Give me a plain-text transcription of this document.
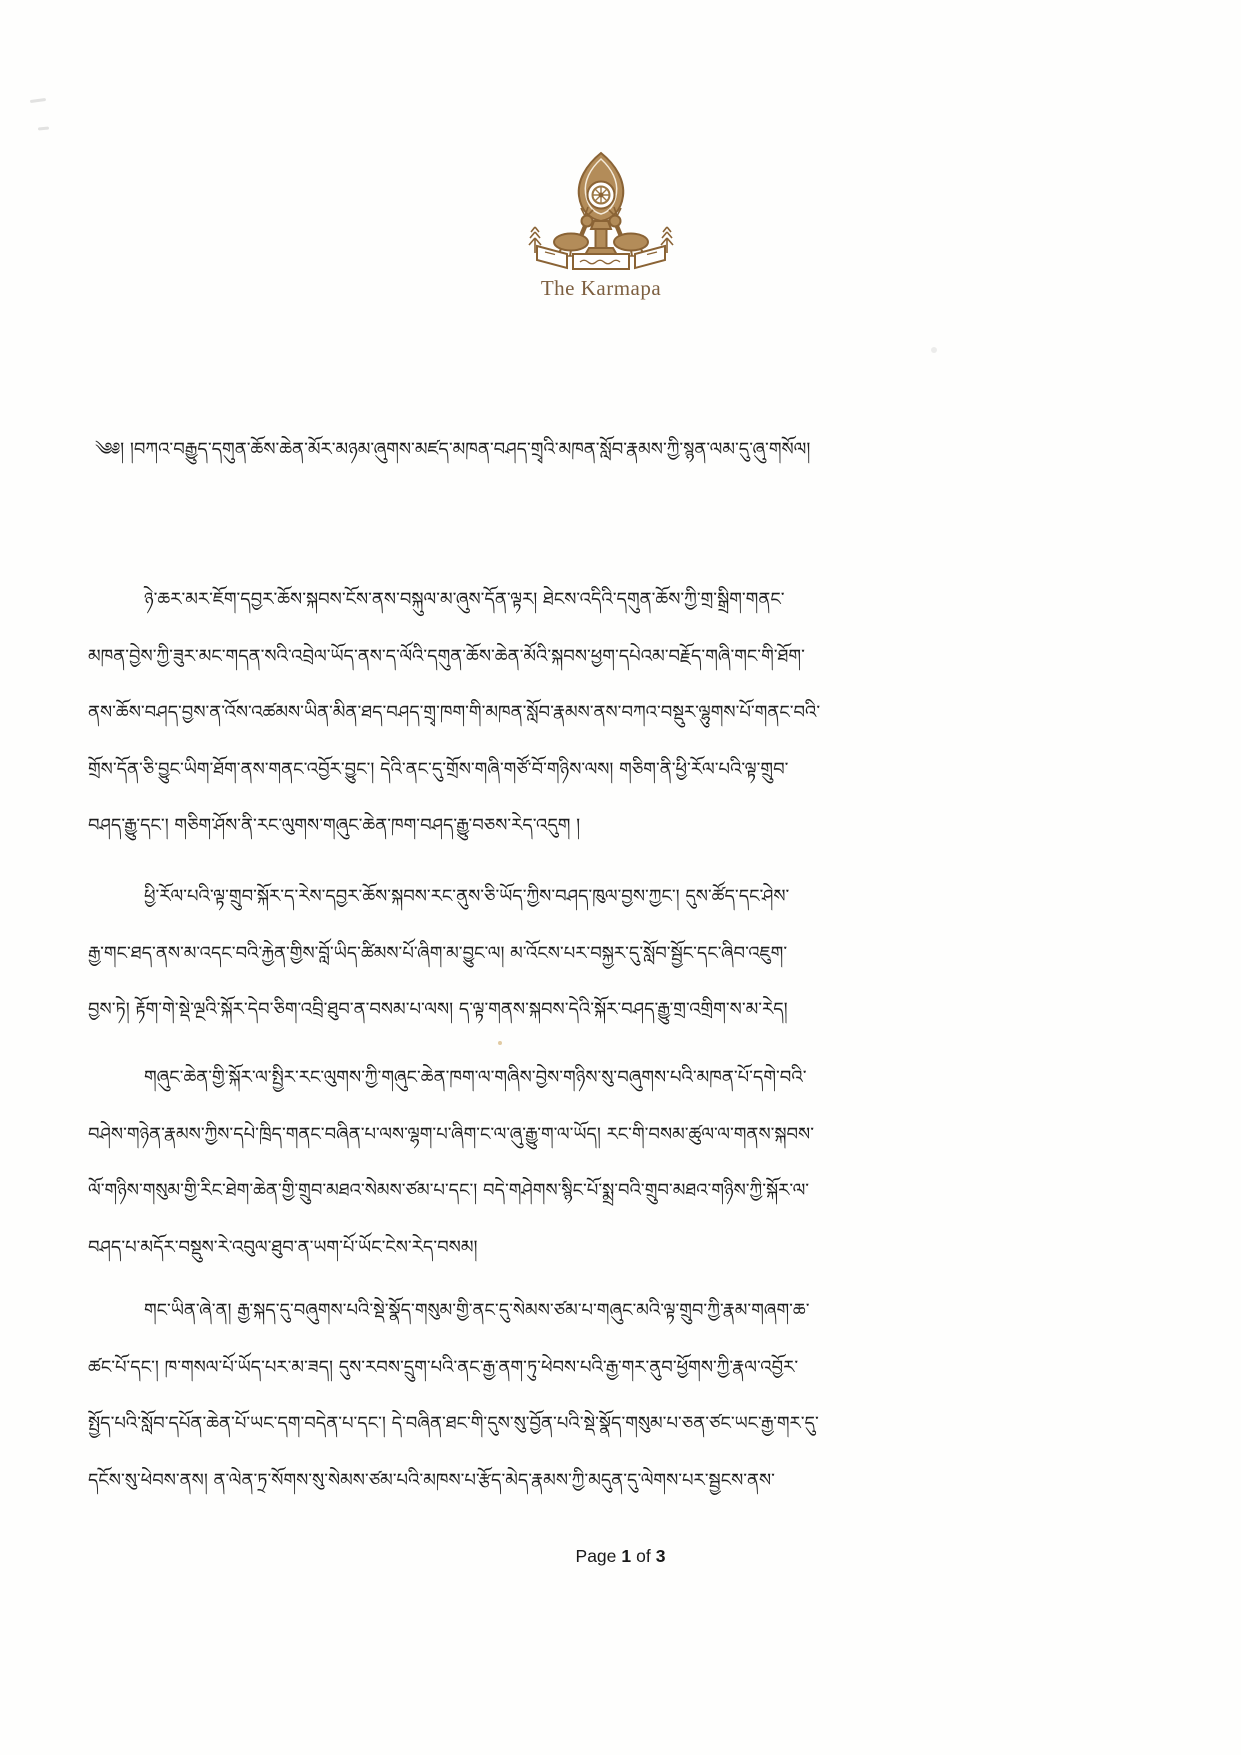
The Karmapa
༄༅། །བཀའ་བརྒྱུད་དགུན་ཆོས་ཆེན་མོར་མཉམ་ཞུགས་མཛད་མཁན་བཤད་གྲྭའི་མཁན་སློབ་རྣམས་ཀྱི་སྙན་ལམ་དུ་ཞུ་གསོལ།
ཉེ་ཆར་མར་ཇོག་དབྱར་ཆོས་སྐབས་ངོས་ནས་བསྐུལ་མ་ཞུས་དོན་ལྟར། ཐེངས་འདིའི་དགུན་ཆོས་ཀྱི་གྲ་སྒྲིག་གནང་
མཁན་བྱེས་ཀྱི་ཟུར་མང་གདན་སའི་འབྲེལ་ཡོད་ནས་ད་ལོའི་དགུན་ཆོས་ཆེན་མོའི་སྐབས་ཕྱག་དཔེའམ་བརྗོད་གཞི་གང་གི་ཐོག་
ནས་ཆོས་བཤད་བྱས་ན་འོས་འཚམས་ཡིན་མིན་ཐད་བཤད་གྲྭ་ཁག་གི་མཁན་སློབ་རྣམས་ནས་བཀའ་བསྡུར་ལྷུགས་པོ་གནང་བའི་
གྲོས་དོན་ཅི་བྱུང་ཡིག་ཐོག་ནས་གནང་འབྱོར་བྱུང་། དེའི་ནང་དུ་གྲོས་གཞི་གཙོ་བོ་གཉིས་ལས། གཅིག་ནི་ཕྱི་རོལ་པའི་ལྟ་གྲུབ་
བཤད་རྒྱུ་དང་། གཅིག་ཤོས་ནི་རང་ལུགས་གཞུང་ཆེན་ཁག་བཤད་རྒྱུ་བཅས་རེད་འདུག །
ཕྱི་རོལ་པའི་ལྟ་གྲུབ་སྐོར་ད་རེས་དབྱར་ཆོས་སྐབས་རང་ནུས་ཅི་ཡོད་ཀྱིས་བཤད་ཁུལ་བྱས་ཀྱང་། དུས་ཚོད་དང་ཤེས་
རྒྱ་གང་ཐད་ནས་མ་འདང་བའི་རྐྱེན་གྱིས་བློ་ཡིད་ཚིམས་པོ་ཞིག་མ་བྱུང་ལ། མ་འོངས་པར་བསྐྱར་དུ་སློབ་སྦྱོང་དང་ཞིབ་འཇུག་
བྱས་ཏེ། རྟོག་གེ་སྡེ་ལྔའི་སྐོར་དེབ་ཅིག་འབྲི་ཐུབ་ན་བསམ་པ་ལས། ད་ལྟ་གནས་སྐབས་དེའི་སྐོར་བཤད་རྒྱུ་གྲ་འགྲིག་ས་མ་རེད།
གཞུང་ཆེན་གྱི་སྐོར་ལ་སྤྱིར་རང་ལུགས་ཀྱི་གཞུང་ཆེན་ཁག་ལ་གཞིས་བྱེས་གཉིས་སུ་བཞུགས་པའི་མཁན་པོ་དགེ་བའི་
བཤེས་གཉེན་རྣམས་ཀྱིས་དཔེ་ཁྲིད་གནང་བཞིན་པ་ལས་ལྷག་པ་ཞིག་ང་ལ་ཞུ་རྒྱུ་ག་ལ་ཡོད། རང་གི་བསམ་ཚུལ་ལ་གནས་སྐབས་
ལོ་གཉིས་གསུམ་གྱི་རིང་ཐེག་ཆེན་གྱི་གྲུབ་མཐའ་སེམས་ཙམ་པ་དང་། བདེ་གཤེགས་སྙིང་པོ་སྨྲ་བའི་གྲུབ་མཐའ་གཉིས་ཀྱི་སྐོར་ལ་
བཤད་པ་མདོར་བསྡུས་རེ་འབུལ་ཐུབ་ན་ཡག་པོ་ཡོང་ངེས་རེད་བསམ།
གང་ཡིན་ཞེ་ན། རྒྱ་སྐད་དུ་བཞུགས་པའི་སྡེ་སྣོད་གསུམ་གྱི་ནང་དུ་སེམས་ཙམ་པ་གཞུང་མའི་ལྟ་གྲུབ་ཀྱི་རྣམ་གཞག་ཆ་
ཚང་པོ་དང་། ཁ་གསལ་པོ་ཡོད་པར་མ་ཟད། དུས་རབས་དྲུག་པའི་ནང་རྒྱ་ནག་ཏུ་ཕེབས་པའི་རྒྱ་གར་ནུབ་ཕྱོགས་ཀྱི་རྣལ་འབྱོར་
སྤྱོད་པའི་སློབ་དཔོན་ཆེན་པོ་ཡང་དག་བདེན་པ་དང་། དེ་བཞིན་ཐང་གི་དུས་སུ་བྱོན་པའི་སྡེ་སྣོད་གསུམ་པ་ཅན་ཙང་ཡང་རྒྱ་གར་དུ་
དངོས་སུ་ཕེབས་ནས། ན་ལེན་ཏྲ་སོགས་སུ་སེམས་ཙམ་པའི་མཁས་པ་རྩོད་མེད་རྣམས་ཀྱི་མདུན་དུ་ལེགས་པར་སྦྱངས་ནས་
Page 1 of 3
